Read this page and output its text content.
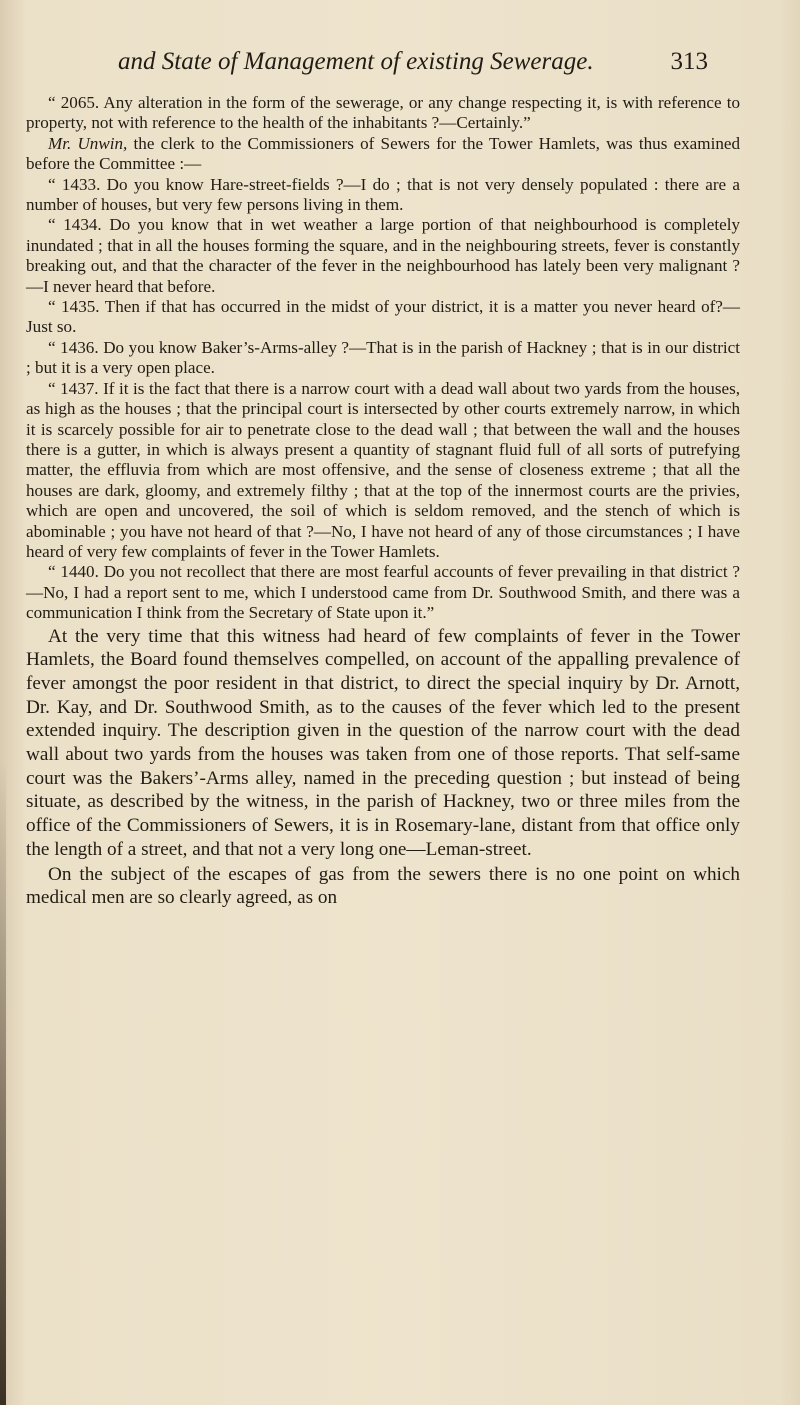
and State of Management of existing Sewerage.	313

“ 2065. Any alteration in the form of the sewerage, or any change respecting it, is with reference to property, not with reference to the health of the inhabitants ?—Certainly.”

Mr. Unwin, the clerk to the Commissioners of Sewers for the Tower Hamlets, was thus examined before the Committee :—

“ 1433. Do you know Hare-street-fields ?—I do ; that is not very densely populated : there are a number of houses, but very few persons living in them.

“ 1434. Do you know that in wet weather a large portion of that neighbourhood is completely inundated ; that in all the houses forming the square, and in the neighbouring streets, fever is constantly breaking out, and that the character of the fever in the neighbourhood has lately been very malignant ?—I never heard that before.

“ 1435. Then if that has occurred in the midst of your district, it is a matter you never heard of?—Just so.

“ 1436. Do you know Baker’s-Arms-alley ?—That is in the parish of Hackney ; that is in our district ; but it is a very open place.

“ 1437. If it is the fact that there is a narrow court with a dead wall about two yards from the houses, as high as the houses ; that the principal court is intersected by other courts extremely narrow, in which it is scarcely possible for air to penetrate close to the dead wall ; that between the wall and the houses there is a gutter, in which is always present a quantity of stagnant fluid full of all sorts of putrefying matter, the effluvia from which are most offensive, and the sense of closeness extreme ; that all the houses are dark, gloomy, and extremely filthy ; that at the top of the innermost courts are the privies, which are open and uncovered, the soil of which is seldom removed, and the stench of which is abominable ; you have not heard of that ?—No, I have not heard of any of those circumstances ; I have heard of very few complaints of fever in the Tower Hamlets.

“ 1440. Do you not recollect that there are most fearful accounts of fever prevailing in that district ?—No, I had a report sent to me, which I understood came from Dr. Southwood Smith, and there was a communication I think from the Secretary of State upon it.”

At the very time that this witness had heard of few complaints of fever in the Tower Hamlets, the Board found themselves compelled, on account of the appalling prevalence of fever amongst the poor resident in that district, to direct the special inquiry by Dr. Arnott, Dr. Kay, and Dr. Southwood Smith, as to the causes of the fever which led to the present extended inquiry. The description given in the question of the narrow court with the dead wall about two yards from the houses was taken from one of those reports. That self-same court was the Bakers’-Arms alley, named in the preceding question ; but instead of being situate, as described by the witness, in the parish of Hackney, two or three miles from the office of the Commissioners of Sewers, it is in Rosemary-lane, distant from that office only the length of a street, and that not a very long one—Leman-street.

On the subject of the escapes of gas from the sewers there is no one point on which medical men are so clearly agreed, as on
